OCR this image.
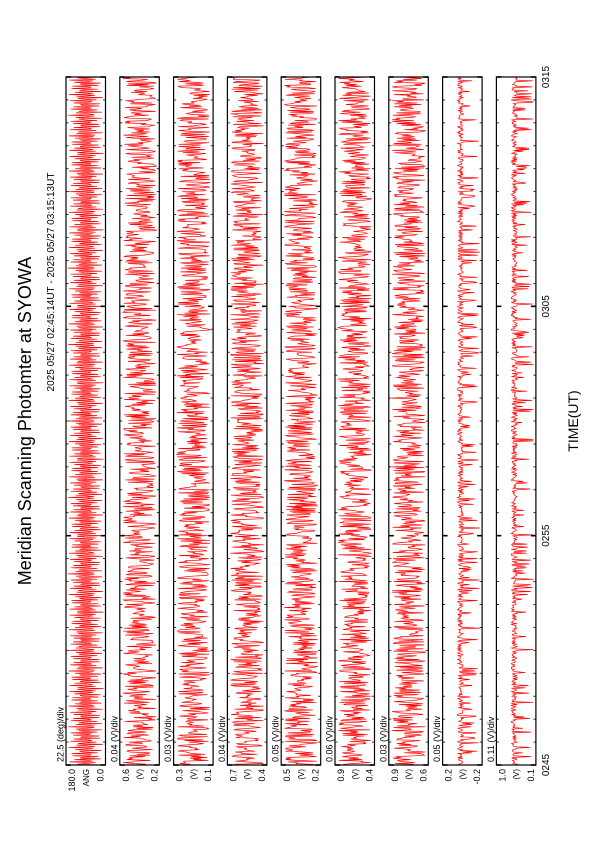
Meridian Scanning Photomter at SYOWA 2025 05/27 02:45:14UT - 2025 05/27 03:15:13UT
22.5 (deg)/div
180.0 0.0
ANG
0.04 (V)/div
0.6 0.2
(V)
0.03 (V)/div
0.3 0.1
(V)
0.04 (V)/div
0.7 0.4
(V)
0.05 (V)/div
0.5 0.2
(V)
0.06 (V)/div
0.9 0.4
(V)
0.03 (V)/div
0.9 0.6
(V)
0.05 (V)/div
0.2 -0.2
(V)
0.11 (V)/div
1.0 0.1
(V) 0245
0255
0305
0315
TIME(UT)
